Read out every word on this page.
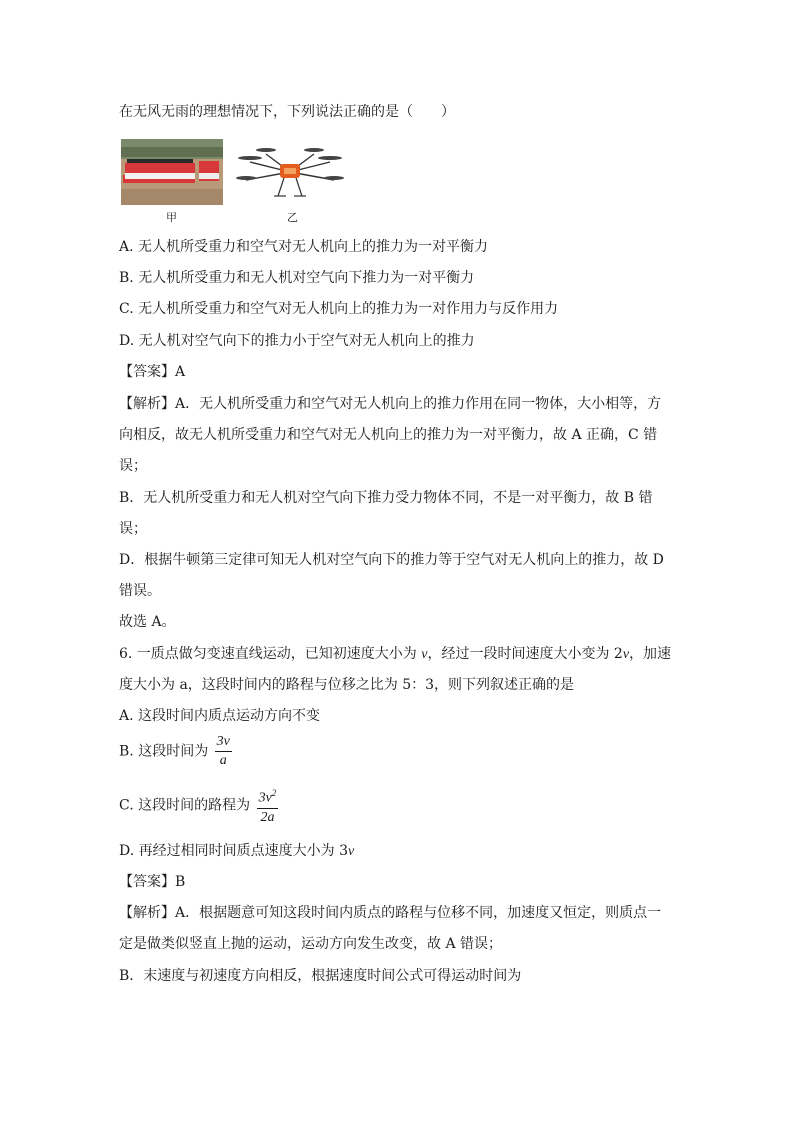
在无风无雨的理想情况下，下列说法正确的是（　　）
甲	乙
A. 无人机所受重力和空气对无人机向上的推力为一对平衡力
B. 无人机所受重力和无人机对空气向下推力为一对平衡力
C. 无人机所受重力和空气对无人机向上的推力为一对作用力与反作用力
D. 无人机对空气向下的推力小于空气对无人机向上的推力
【答案】A
【解析】A．无人机所受重力和空气对无人机向上的推力作用在同一物体，大小相等，方
向相反，故无人机所受重力和空气对无人机向上的推力为一对平衡力，故 A 正确，C 错
误；
B．无人机所受重力和无人机对空气向下推力受力物体不同，不是一对平衡力，故 B 错
误；
D．根据牛顿第三定律可知无人机对空气向下的推力等于空气对无人机向上的推力，故 D
错误。
故选 A。
6. 一质点做匀变速直线运动，已知初速度大小为 v，经过一段时间速度大小变为 2v，加速
度大小为 a，这段时间内的路程与位移之比为 5：3，则下列叙述正确的是
A. 这段时间内质点运动方向不变
B. 这段时间为 $\frac{3v}{a}$
C. 这段时间的路程为 $\frac{3v^2}{2a}$
D. 再经过相同时间质点速度大小为 3v
【答案】B
【解析】A．根据题意可知这段时间内质点的路程与位移不同，加速度又恒定，则质点一
定是做类似竖直上抛的运动，运动方向发生改变，故 A 错误；
B．末速度与初速度方向相反，根据速度时间公式可得运动时间为
